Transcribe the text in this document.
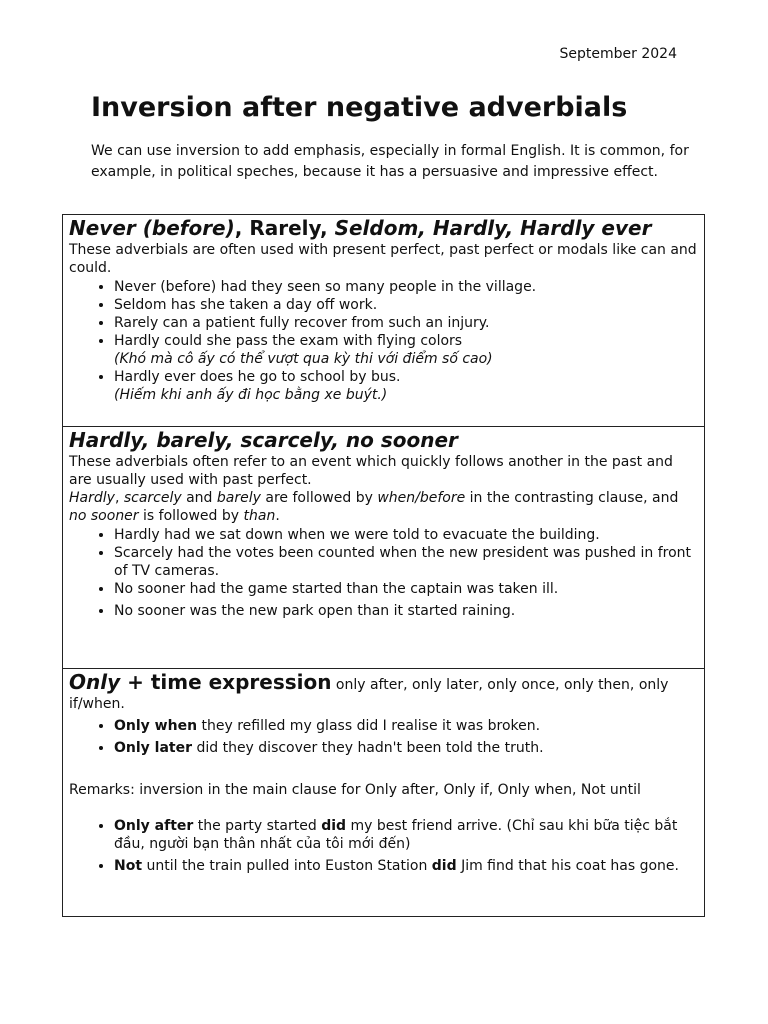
September 2024
Inversion after negative adverbials

We can use inversion to add emphasis, especially in formal English. It is common, for example, in political speches, because it has a persuasive and impressive effect.

Never (before), Rarely, Seldom, Hardly, Hardly ever

These adverbials are often used with present perfect, past perfect or modals like can and could.
• Never (before) had they seen so many people in the village.
• Seldom has she taken a day off work.
• Rarely can a patient fully recover from such an injury.
• Hardly could she pass the exam with flying colors
(Khó mà cô ấy có thể vượt qua kỳ thi với điểm số cao)
• Hardly ever does he go to school by bus.
(Hiếm khi anh ấy đi học bằng xe buýt.)

Hardly, barely, scarcely, no sooner

These adverbials often refer to an event which quickly follows another in the past and are usually used with past perfect.
Hardly, scarcely and barely are followed by when/before in the contrasting clause, and no sooner is followed by than.
• Hardly had we sat down when we were told to evacuate the building.
• Scarcely had the votes been counted when the new president was pushed in front of TV cameras.
• No sooner had the game started than the captain was taken ill.
• No sooner was the new park open than it started raining.
Only + time expression only after, only later, only once, only then, only if/when.
• Only when they refilled my glass did I realise it was broken.
• Only later did they discover they hadn't been told the truth.
Remarks: inversion in the main clause for Only after, Only if, Only when, Not until
• Only after the party started did my best friend arrive. (Chỉ sau khi bữa tiệc bắt đầu, người bạn thân nhất của tôi mới đến)
• Not until the train pulled into Euston Station did Jim find that his coat has gone.
